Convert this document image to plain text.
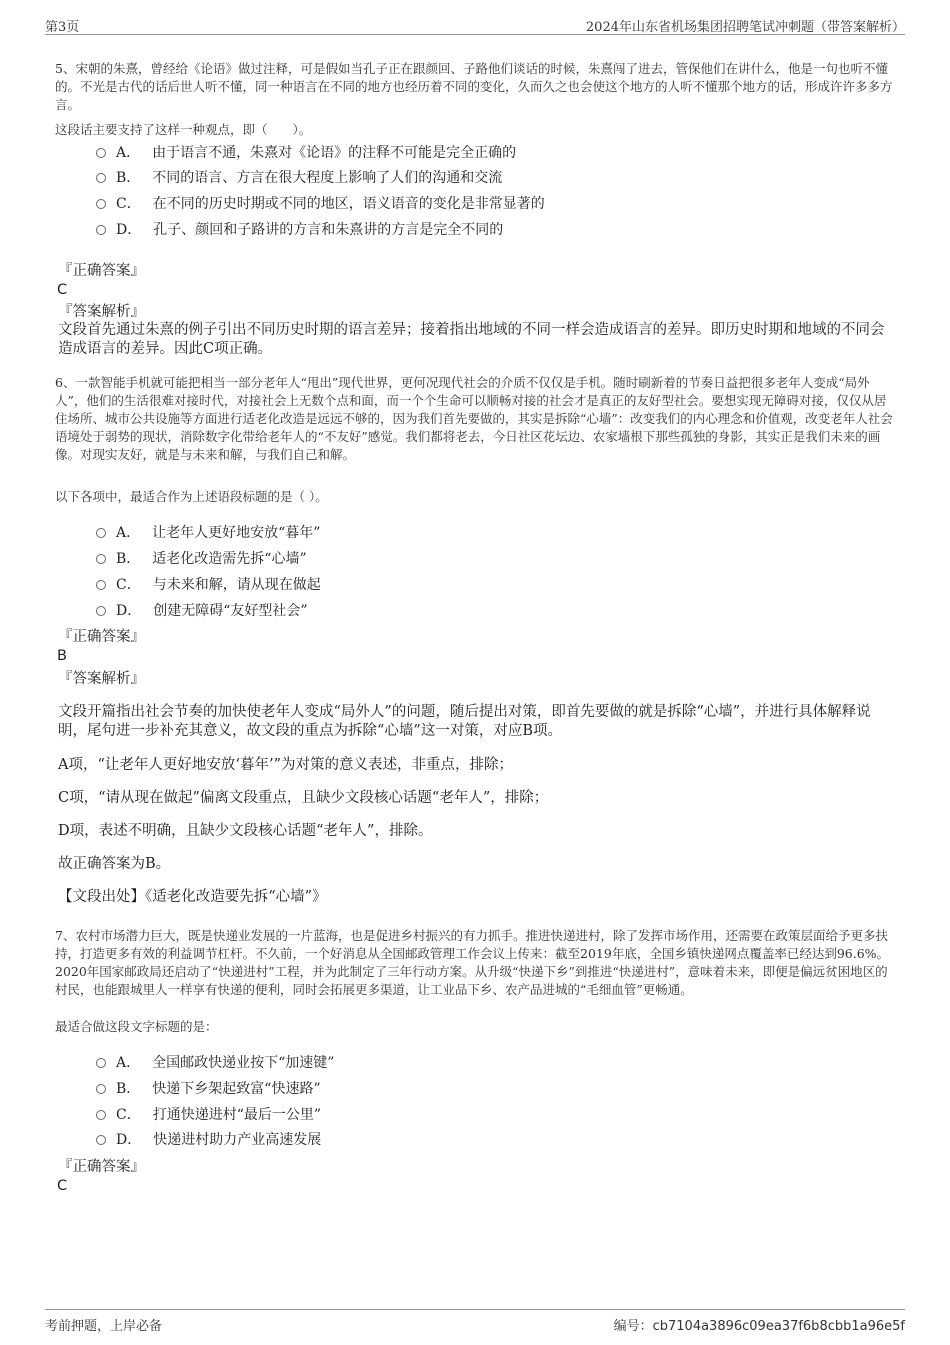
第3页	2024年山东省机场集团招聘笔试冲刺题（带答案解析）
5、宋朝的朱熹，曾经给《论语》做过注释，可是假如当孔子正在跟颜回、子路他们谈话的时候，朱熹闯了进去，管保他们在讲什么，他是一句也听不懂的。不光是古代的话后世人听不懂，同一种语言在不同的地方也经历着不同的变化，久而久之也会使这个地方的人听不懂那个地方的话，形成许许多多方言。
这段话主要支持了这样一种观点，即（　　）。
A． 由于语言不通，朱熹对《论语》的注释不可能是完全正确的
B． 不同的语言、方言在很大程度上影响了人们的沟通和交流
C． 在不同的历史时期或不同的地区，语义语音的变化是非常显著的
D． 孔子、颜回和子路讲的方言和朱熹讲的方言是完全不同的
『正确答案』
C
『答案解析』
文段首先通过朱熹的例子引出不同历史时期的语言差异；接着指出地域的不同一样会造成语言的差异。即历史时期和地域的不同会造成语言的差异。因此C项正确。
6、一款智能手机就可能把相当一部分老年人“甩出”现代世界，更何况现代社会的介质不仅仅是手机。随时刷新着的节奏日益把很多老年人变成“局外人”，他们的生活很难对接时代，对接社会上无数个点和面，而一个个生命可以顺畅对接的社会才是真正的友好型社会。要想实现无障碍对接，仅仅从居住场所、城市公共设施等方面进行适老化改造是远远不够的，因为我们首先要做的，其实是拆除“心墙”：改变我们的内心理念和价值观，改变老年人社会语境处于弱势的现状，消除数字化带给老年人的“不友好”感觉。我们都将老去，今日社区花坛边、农家墙根下那些孤独的身影，其实正是我们未来的画像。对现实友好，就是与未来和解，与我们自己和解。
以下各项中，最适合作为上述语段标题的是（ ）。
A． 让老年人更好地安放“暮年”
B． 适老化改造需先拆“心墙”
C． 与未来和解，请从现在做起
D． 创建无障碍“友好型社会”
『正确答案』
B
『答案解析』
文段开篇指出社会节奏的加快使老年人变成“局外人”的问题，随后提出对策，即首先要做的就是拆除“心墙”，并进行具体解释说明，尾句进一步补充其意义，故文段的重点为拆除“心墙”这一对策，对应B项。
A项，“让老年人更好地安放‘暮年’”为对策的意义表述，非重点，排除；
C项，“请从现在做起”偏离文段重点，且缺少文段核心话题“老年人”，排除；
D项，表述不明确，且缺少文段核心话题“老年人”，排除。
故正确答案为B。
【文段出处】《适老化改造要先拆“心墙”》
7、农村市场潜力巨大，既是快递业发展的一片蓝海，也是促进乡村振兴的有力抓手。推进快递进村，除了发挥市场作用，还需要在政策层面给予更多扶持，打造更多有效的利益调节杠杆。不久前，一个好消息从全国邮政管理工作会议上传来：截至2019年底，全国乡镇快递网点覆盖率已经达到96.6%。2020年国家邮政局还启动了“快递进村”工程，并为此制定了三年行动方案。从升级“快递下乡”到推进“快递进村”，意味着未来，即便是偏远贫困地区的村民，也能跟城里人一样享有快递的便利，同时会拓展更多渠道，让工业品下乡、农产品进城的“毛细血管”更畅通。
最适合做这段文字标题的是：
A． 全国邮政快递业按下“加速键”
B． 快递下乡架起致富“快速路”
C． 打通快递进村“最后一公里”
D． 快递进村助力产业高速发展
『正确答案』
C
考前押题，上岸必备	编号：cb7104a3896c09ea37f6b8cbb1a96e5f
